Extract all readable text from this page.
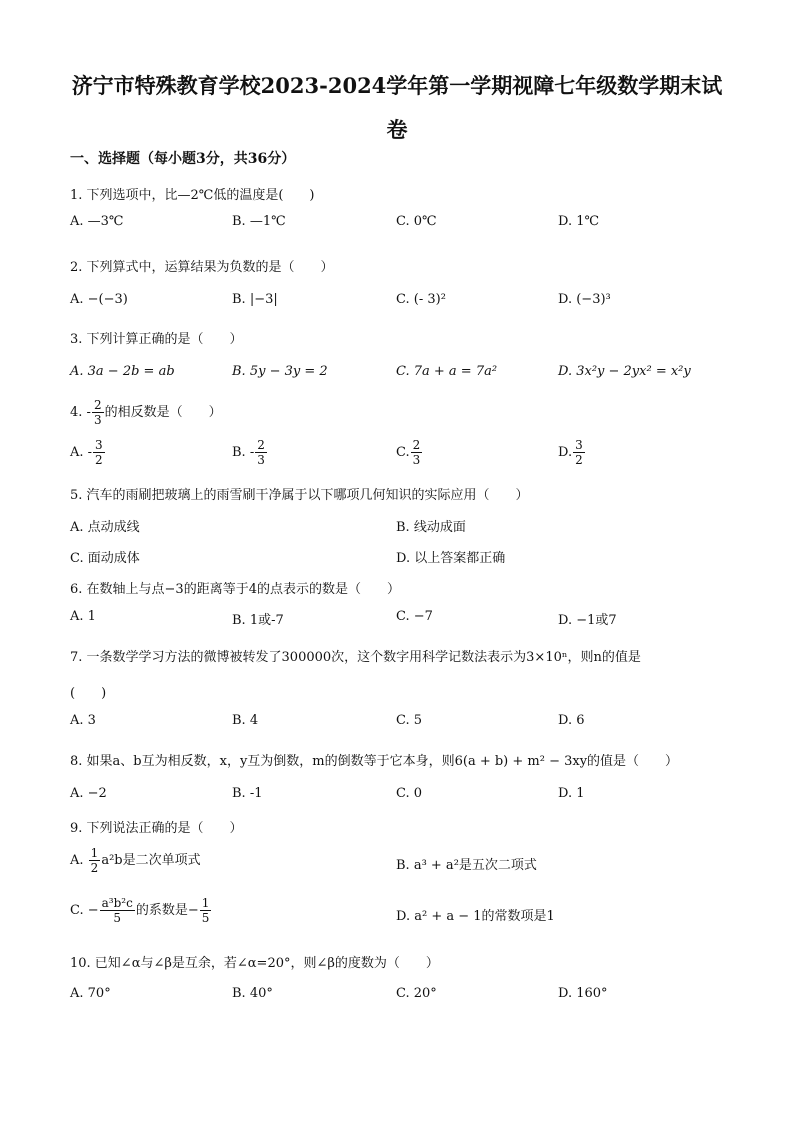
济宁市特殊教育学校2023-2024学年第一学期视障七年级数学期末试
卷
一、选择题（每小题3分，共36分）
1. 下列选项中，比—2℃低的温度是(　　)
A. —3℃	B. —1℃	C. 0℃	D. 1℃
2. 下列算式中，运算结果为负数的是（　　）
A. −(−3)	B. |−3|	C. (- 3)²	D. (−3)³
3. 下列计算正确的是（　　）
A. 3a − 2b = ab	B. 5y − 3y = 2	C. 7a + a = 7a²	D. 3x²y − 2yx² = x²y
4. - $\frac{2}{3}$ 的相反数是（　　）
A. - $\frac{3}{2}$	B. - $\frac{2}{3}$	C. $\frac{2}{3}$	D. $\frac{3}{2}$
5. 汽车的雨刷把玻璃上的雨雪刷干净属于以下哪项几何知识的实际应用（　　）
A. 点动成线	B. 线动成面
C. 面动成体	D. 以上答案都正确
6. 在数轴上与点−3的距离等于4的点表示的数是（　　）
A. 1	B. 1或-7	C. −7	D. −1或7
7. 一条数学学习方法的微博被转发了300000次，这个数字用科学记数法表示为3×10ⁿ，则n的值是
(　　)
A. 3	B. 4	C. 5	D. 6
8. 如果a、b互为相反数，x，y互为倒数，m的倒数等于它本身，则6(a + b) + m² − 3xy的值是（　　）
A. −2	B. -1	C. 0	D. 1
9. 下列说法正确的是（　　）
A. $\frac{1}{2} a^2b$是二次单项式	B. a³ + a²是五次二项式
C. − $\frac{\text{a³b²c}}{5}$ 的系数是− $\frac{1}{5}$	D. a² + a − 1的常数项是1
10. 已知∠α与∠β是互余，若∠α=20°，则∠β的度数为（　　）
A. 70°	B. 40°	C. 20°	D. 160°
